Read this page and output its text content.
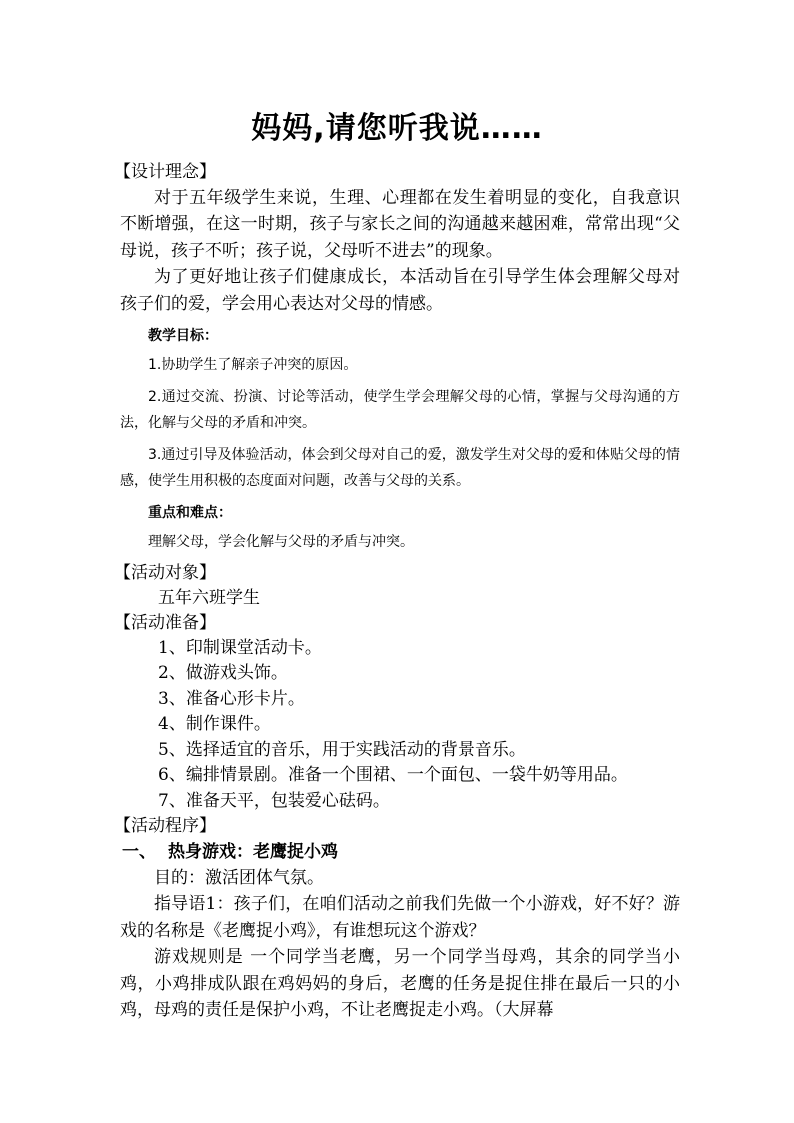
妈妈,请您听我说……
【设计理念】
对于五年级学生来说，生理、心理都在发生着明显的变化，自我意识不断增强，在这一时期，孩子与家长之间的沟通越来越困难，常常出现“父母说，孩子不听；孩子说，父母听不进去”的现象。
为了更好地让孩子们健康成长，本活动旨在引导学生体会理解父母对孩子们的爱，学会用心表达对父母的情感。
教学目标：
1.协助学生了解亲子冲突的原因。
2.通过交流、扮演、讨论等活动，使学生学会理解父母的心情，掌握与父母沟通的方法，化解与父母的矛盾和冲突。
3.通过引导及体验活动，体会到父母对自己的爱，激发学生对父母的爱和体贴父母的情感，使学生用积极的态度面对问题，改善与父母的关系。
重点和难点：
理解父母，学会化解与父母的矛盾与冲突。
【活动对象】
五年六班学生
【活动准备】
1、印制课堂活动卡。
2、做游戏头饰。
3、准备心形卡片。
4、制作课件。
5、选择适宜的音乐，用于实践活动的背景音乐。
6、编排情景剧。准备一个围裙、一个面包、一袋牛奶等用品。
7、准备天平，包装爱心砝码。
【活动程序】
一、 热身游戏：老鹰捉小鸡
目的：激活团体气氛。
指导语1：孩子们，在咱们活动之前我们先做一个小游戏，好不好？游戏的名称是《老鹰捉小鸡》，有谁想玩这个游戏？
游戏规则是 一个同学当老鹰，另一个同学当母鸡，其余的同学当小鸡，小鸡排成队跟在鸡妈妈的身后，老鹰的任务是捉住排在最后一只的小鸡，母鸡的责任是保护小鸡，不让老鹰捉走小鸡。（大屏幕
